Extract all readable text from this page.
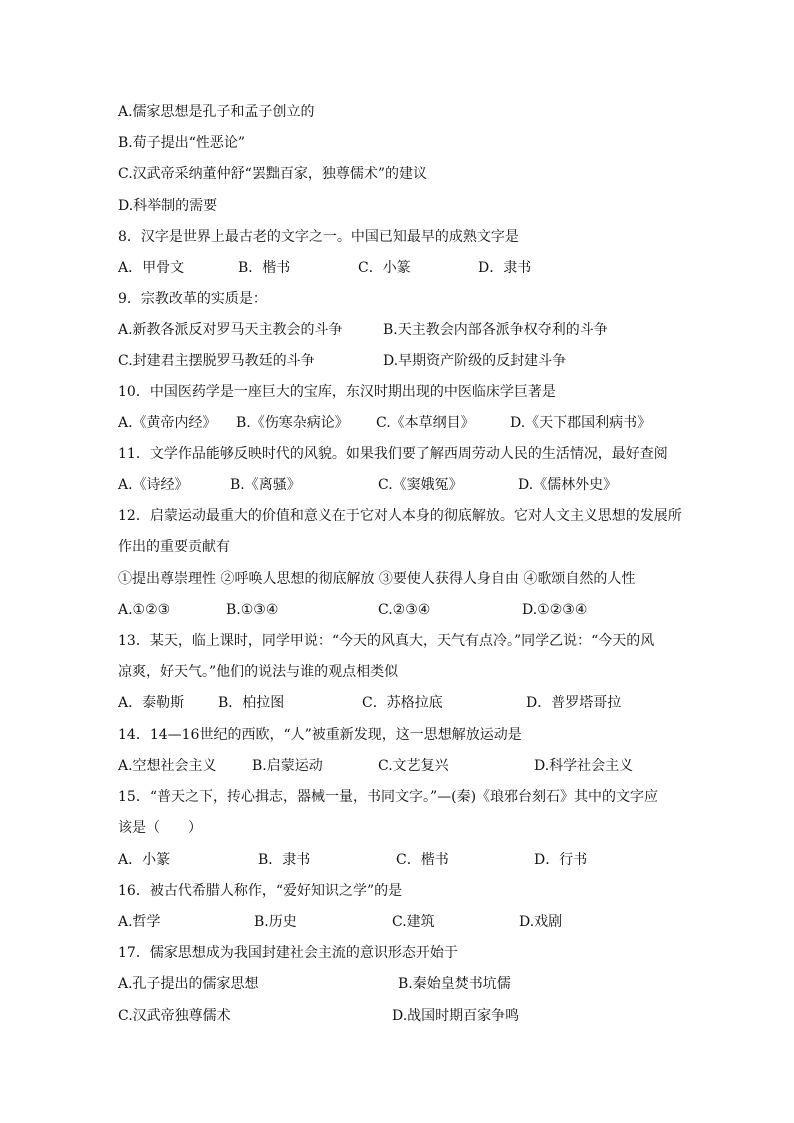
A.儒家思想是孔子和孟子创立的
B.荀子提出“性恶论”
C.汉武帝采纳董仲舒“罢黜百家，独尊儒术”的建议
D.科举制的需要
8．汉字是世界上最古老的文字之一。中国已知最早的成熟文字是
A．甲骨文	B．楷书	C．小篆	D．隶书
9．宗教改革的实质是：
A.新教各派反对罗马天主教会的斗争	B.天主教会内部各派争权夺利的斗争
C.封建君主摆脱罗马教廷的斗争	D.早期资产阶级的反封建斗争
10．中国医药学是一座巨大的宝库，东汉时期出现的中医临床学巨著是
A.《黄帝内经》 B.《伤寒杂病论》 C.《本草纲目》	D.《天下郡国利病书》
11．文学作品能够反映时代的风貌。如果我们要了解西周劳动人民的生活情况，最好查阅
A.《诗经》	B.《离骚》	C.《窦娥冤》	D.《儒林外史》
12．启蒙运动最重大的价值和意义在于它对人本身的彻底解放。它对人文主义思想的发展所
作出的重要贡献有
①提出尊崇理性 ②呼唤人思想的彻底解放 ③要使人获得人身自由 ④歌颂自然的人性
A.①②③	B.①③④	C.②③④	D.①②③④
13．某天，临上课时，同学甲说：“今天的风真大，天气有点冷。”同学乙说：“今天的风
凉爽，好天气。”他们的说法与谁的观点相类似
A．泰勒斯 B．柏拉图	C．苏格拉底	D．普罗塔哥拉
14．14—16世纪的西欧，“人”被重新发现，这一思想解放运动是
A.空想社会主义	B.启蒙运动	C.文艺复兴	D.科学社会主义
15．“普天之下，抟心揖志，器械一量，书同文字。”—(秦)《琅邪台刻石》其中的文字应
该是（　　）
A．小篆	B．隶书	C．楷书	D．行书
16．被古代希腊人称作，“爱好知识之学”的是
A.哲学	B.历史	C.建筑	D.戏剧
17．儒家思想成为我国封建社会主流的意识形态开始于
A.孔子提出的儒家思想	B.秦始皇焚书坑儒
C.汉武帝独尊儒术	D.战国时期百家争鸣
